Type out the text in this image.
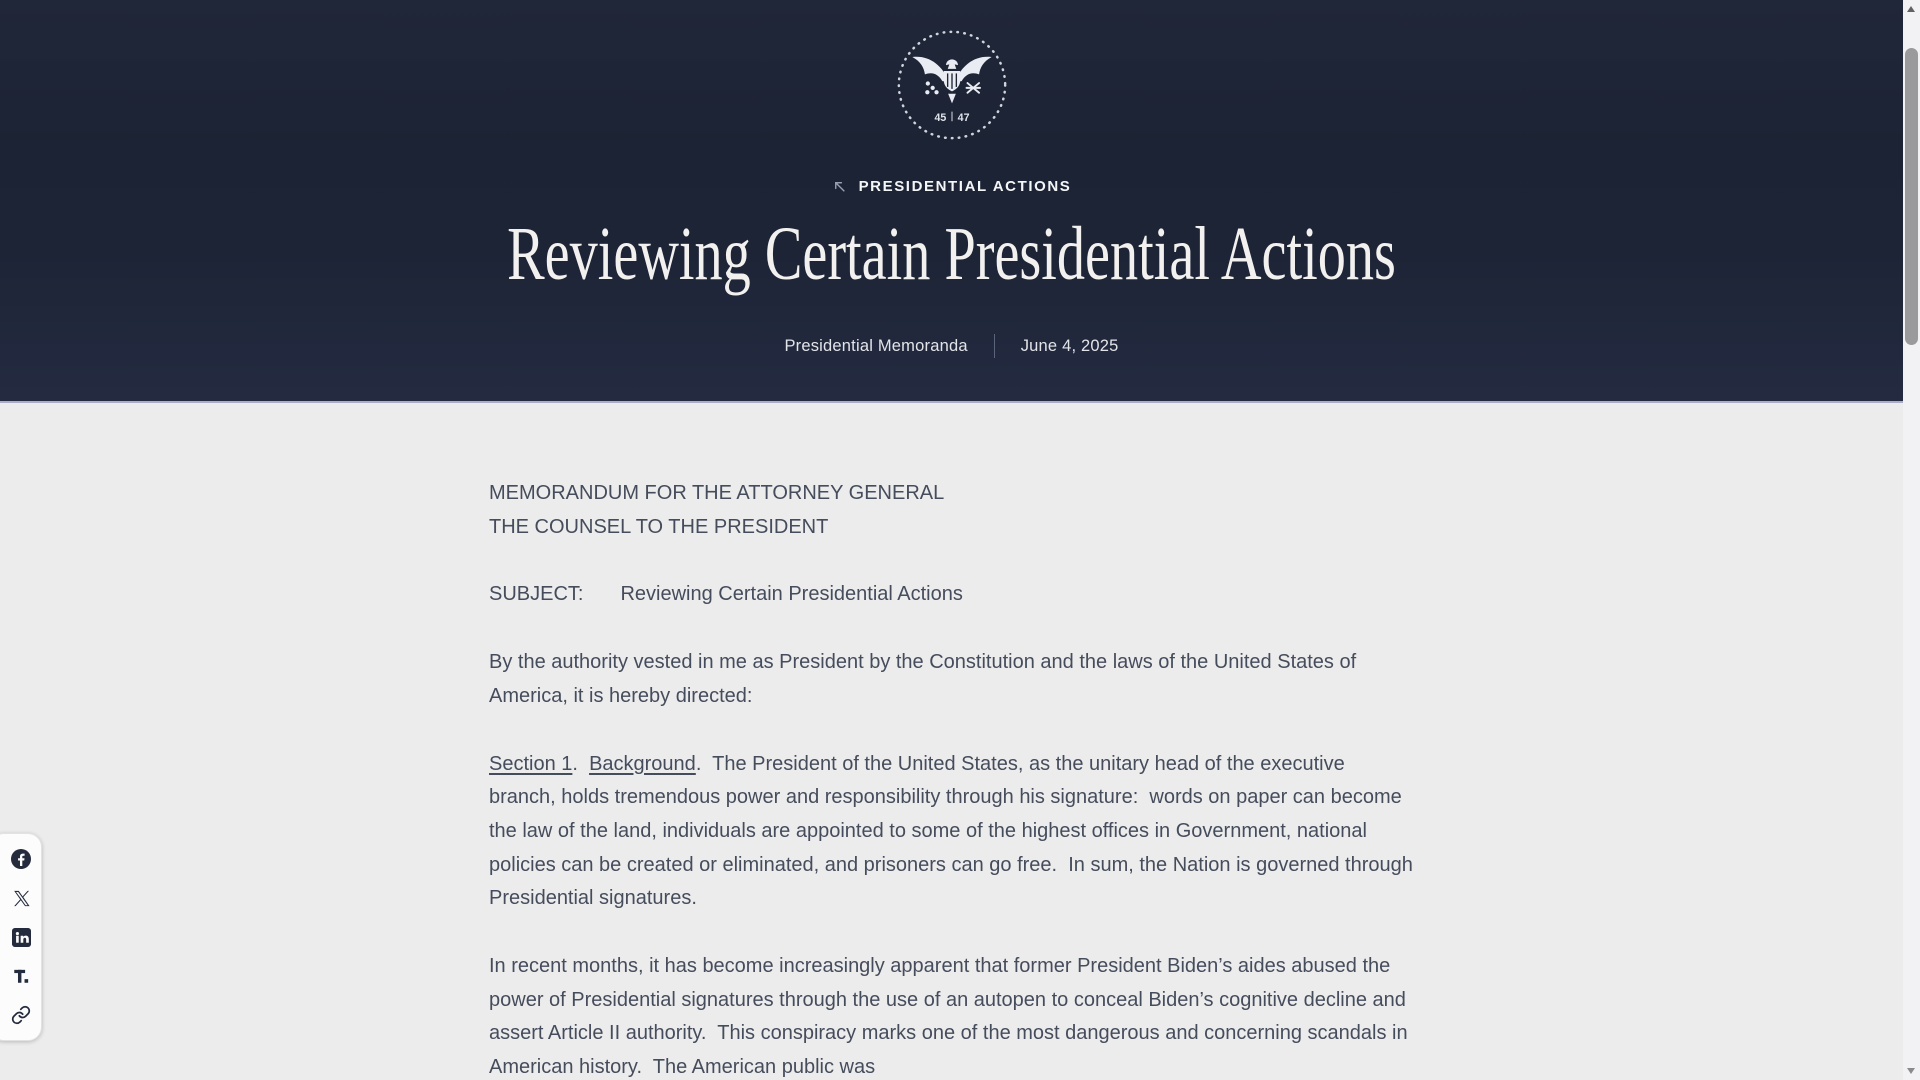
45 47
PRESIDENTIAL ACTIONS
Reviewing Certain Presidential Actions
Presidential Memoranda	June 4, 2025

MEMORANDUM FOR THE ATTORNEY GENERAL
THE COUNSEL TO THE PRESIDENT

SUBJECT: Reviewing Certain Presidential Actions

By the authority vested in me as President by the Constitution and the laws of the United States of America, it is hereby directed:

Section 1.  Background.  The President of the United States, as the unitary head of the executive branch, holds tremendous power and responsibility through his signature:  words on paper can become the law of the land, individuals are appointed to some of the highest offices in Government, national policies can be created or eliminated, and prisoners can go free.  In sum, the Nation is governed through Presidential signatures.

In recent months, it has become increasingly apparent that former President Biden’s aides abused the power of Presidential signatures through the use of an autopen to conceal Biden’s cognitive decline and assert Article II authority.  This conspiracy marks one of the most dangerous and concerning scandals in American history.  The American public was
